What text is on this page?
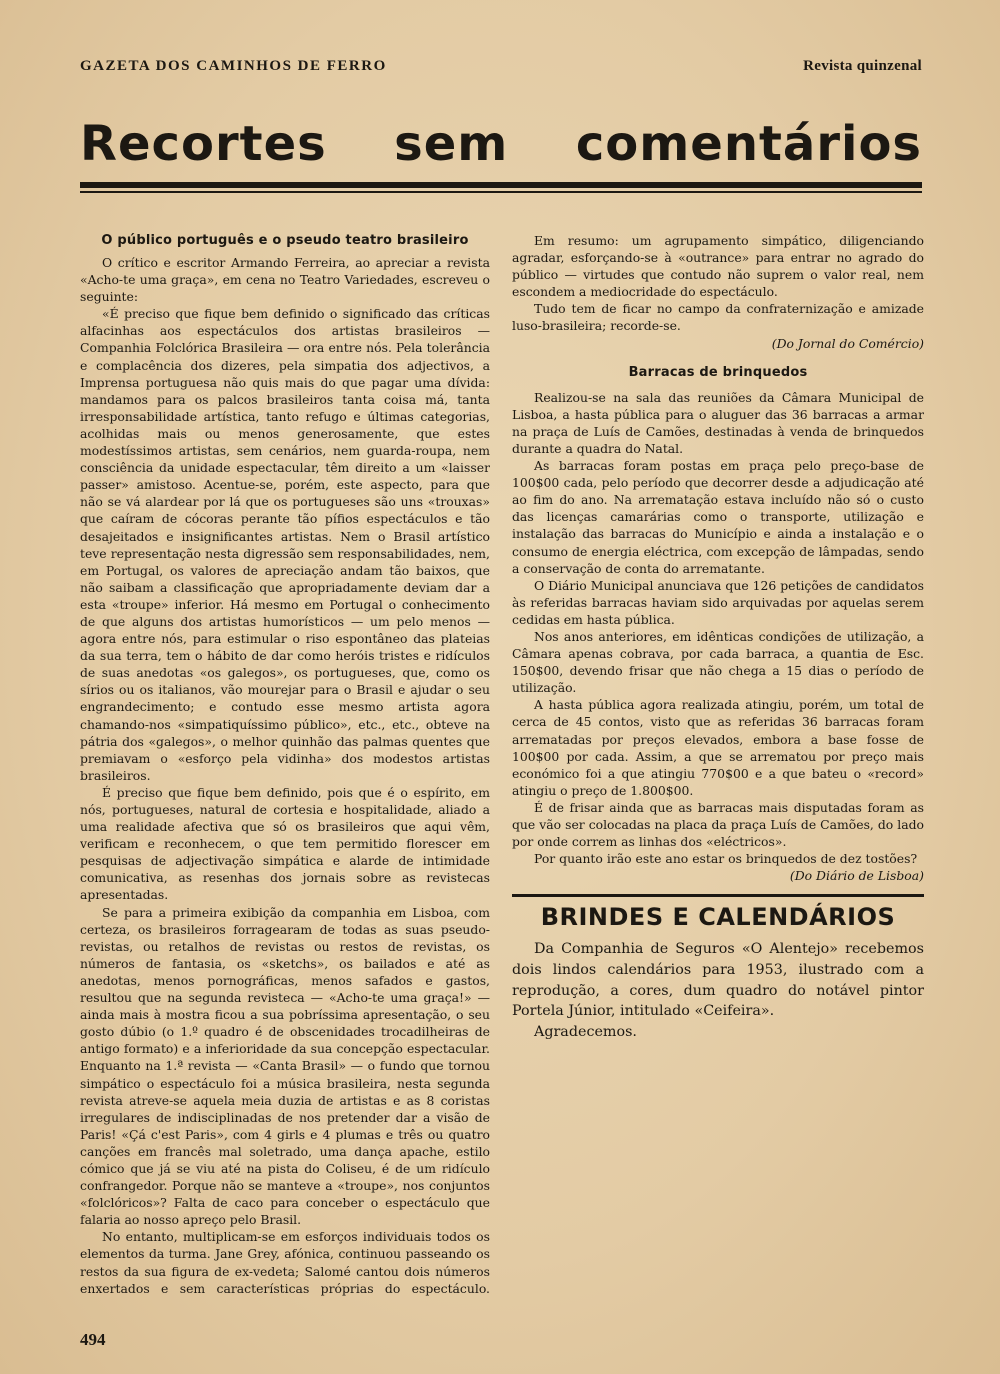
GAZETA DOS CAMINHOS DE FERRO	Revista quinzenal
Recortes sem comentários
O público português e o pseudo teatro brasileiro

O crítico e escritor Armando Ferreira, ao apreciar a revista «Acho-te uma graça», em cena no Teatro Variedades, escreveu o seguinte:

«É preciso que fique bem definido o significado das críticas alfacinhas aos espectáculos dos artistas brasileiros — Companhia Folclórica Brasileira — ora entre nós. Pela tolerância e complacência dos dizeres, pela simpatia dos adjectivos, a Imprensa portuguesa não quis mais do que pagar uma dívida: mandamos para os palcos brasileiros tanta coisa má, tanta irresponsabilidade artística, tanto refugo e últimas categorias, acolhidas mais ou menos generosamente, que estes modestíssimos artistas, sem cenários, nem guarda-roupa, nem consciência da unidade espectacular, têm direito a um «laisser passer» amistoso. Acentue-se, porém, este aspecto, para que não se vá alardear por lá que os portugueses são uns «trouxas» que caíram de cócoras perante tão pífios espectáculos e tão desajeitados e insignificantes artistas. Nem o Brasil artístico teve representação nesta digressão sem responsabilidades, nem, em Portugal, os valores de apreciação andam tão baixos, que não saibam a classificação que apropriadamente deviam dar a esta «troupe» inferior. Há mesmo em Portugal o conhecimento de que alguns dos artistas humorísticos — um pelo menos — agora entre nós, para estimular o riso espontâneo das plateias da sua terra, tem o hábito de dar como heróis tristes e ridículos de suas anedotas «os galegos», os portugueses, que, como os sírios ou os italianos, vão mourejar para o Brasil e ajudar o seu engrandecimento; e contudo esse mesmo artista agora chamando-nos «simpatiquíssimo público», etc., etc., obteve na pátria dos «galegos», o melhor quinhão das palmas quentes que premiavam o «esforço pela vidinha» dos modestos artistas brasileiros.

É preciso que fique bem definido, pois que é o espírito, em nós, portugueses, natural de cortesia e hospitalidade, aliado a uma realidade afectiva que só os brasileiros que aqui vêm, verificam e reconhecem, o que tem permitido florescer em pesquisas de adjectivação simpática e alarde de intimidade comunicativa, as resenhas dos jornais sobre as revistecas apresentadas.

Se para a primeira exibição da companhia em Lisboa, com certeza, os brasileiros forragearam de todas as suas pseudo-revistas, ou retalhos de revistas ou restos de revistas, os números de fantasia, os «sketchs», os bailados e até as anedotas, menos pornográficas, menos safados e gastos, resultou que na segunda revisteca — «Acho-te uma graça!» — ainda mais à mostra ficou a sua pobríssima apresentação, o seu gosto dúbio (o 1.º quadro é de obscenidades trocadilheiras de antigo formato) e a inferioridade da sua concepção espectacular. Enquanto na 1.ª revista — «Canta Brasil» — o fundo que tornou simpático o espectáculo foi a música brasileira, nesta segunda revista atreve-se aquela meia duzia de artistas e as 8 coristas irregulares de indisciplinadas de nos pretender dar a visão de Paris! «Çá c'est Paris», com 4 girls e 4 plumas e três ou quatro canções em francês mal soletrado, uma dança apache, estilo cómico que já se viu até na pista do Coliseu, é de um ridículo confrangedor. Porque não se manteve a «troupe», nos conjuntos «folclóricos»? Falta de caco para conceber o espectáculo que falaria ao nosso apreço pelo Brasil.

No entanto, multiplicam-se em esforços individuais todos os elementos da turma. Jane Grey, afónica, continuou passeando os restos da sua figura de ex-vedeta; Salomé cantou dois números enxertados e sem características próprias do espectáculo.

Em resumo: um agrupamento simpático, diligenciando agradar, esforçando-se à «outrance» para entrar no agrado do público — virtudes que contudo não suprem o valor real, nem escondem a mediocridade do espectáculo.

Tudo tem de ficar no campo da confraternização e amizade luso-brasileira; recorde-se.

(Do Jornal do Comércio)

Barracas de brinquedos

Realizou-se na sala das reuniões da Câmara Municipal de Lisboa, a hasta pública para o aluguer das 36 barracas a armar na praça de Luís de Camões, destinadas à venda de brinquedos durante a quadra do Natal.

As barracas foram postas em praça pelo preço-base de 100$00 cada, pelo período que decorrer desde a adjudicação até ao fim do ano. Na arrematação estava incluído não só o custo das licenças camarárias como o transporte, utilização e instalação das barracas do Município e ainda a instalação e o consumo de energia eléctrica, com excepção de lâmpadas, sendo a conservação de conta do arrematante.

O Diário Municipal anunciava que 126 petições de candidatos às referidas barracas haviam sido arquivadas por aquelas serem cedidas em hasta pública.

Nos anos anteriores, em idênticas condições de utilização, a Câmara apenas cobrava, por cada barraca, a quantia de Esc. 150$00, devendo frisar que não chega a 15 dias o período de utilização.

A hasta pública agora realizada atingiu, porém, um total de cerca de 45 contos, visto que as referidas 36 barracas foram arrematadas por preços elevados, embora a base fosse de 100$00 por cada. Assim, a que se arrematou por preço mais económico foi a que atingiu 770$00 e a que bateu o «record» atingiu o preço de 1.800$00.

É de frisar ainda que as barracas mais disputadas foram as que vão ser colocadas na placa da praça Luís de Camões, do lado por onde correm as linhas dos «eléctricos».

Por quanto irão este ano estar os brinquedos de dez tostões?

(Do Diário de Lisboa)

BRINDES E CALENDÁRIOS

Da Companhia de Seguros «O Alentejo» recebemos dois lindos calendários para 1953, ilustrado com a reprodução, a cores, dum quadro do notável pintor Portela Júnior, intitulado «Ceifeira».

Agradecemos.

494
